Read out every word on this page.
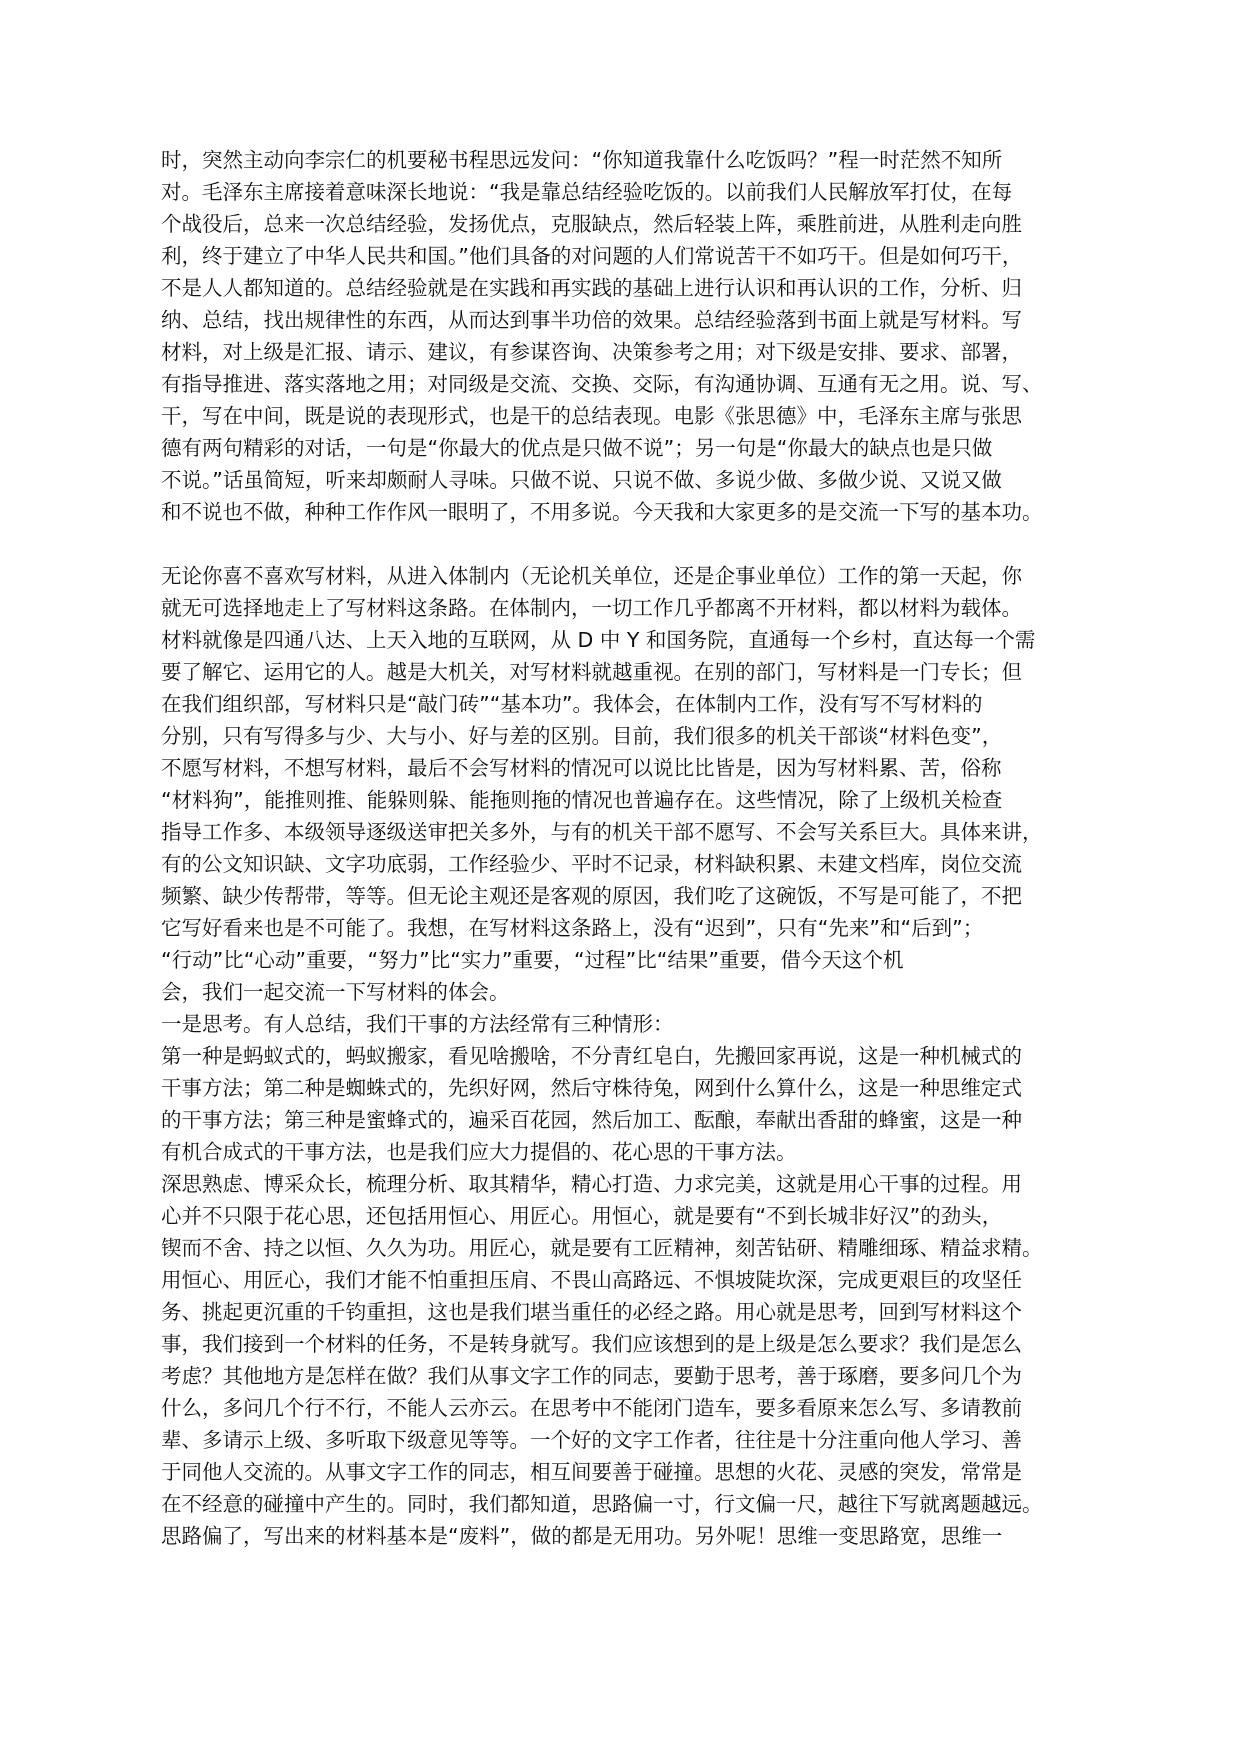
时，突然主动向李宗仁的机要秘书程思远发问：“你知道我靠什么吃饭吗？”程一时茫然不知所
对。毛泽东主席接着意味深长地说：“我是靠总结经验吃饭的。以前我们人民解放军打仗，在每
个战役后，总来一次总结经验，发扬优点，克服缺点，然后轻装上阵，乘胜前进，从胜利走向胜
利，终于建立了中华人民共和国。”他们具备的对问题的人们常说苦干不如巧干。但是如何巧干，
不是人人都知道的。总结经验就是在实践和再实践的基础上进行认识和再认识的工作，分析、归
纳、总结，找出规律性的东西，从而达到事半功倍的效果。总结经验落到书面上就是写材料。写
材料，对上级是汇报、请示、建议，有参谋咨询、决策参考之用；对下级是安排、要求、部署，
有指导推进、落实落地之用；对同级是交流、交换、交际，有沟通协调、互通有无之用。说、写、
干，写在中间，既是说的表现形式，也是干的总结表现。电影《张思德》中，毛泽东主席与张思
德有两句精彩的对话，一句是“你最大的优点是只做不说”；另一句是“你最大的缺点也是只做
不说。”话虽简短，听来却颇耐人寻味。只做不说、只说不做、多说少做、多做少说、又说又做
和不说也不做，种种工作作风一眼明了，不用多说。今天我和大家更多的是交流一下写的基本功。
无论你喜不喜欢写材料，从进入体制内（无论机关单位，还是企事业单位）工作的第一天起，你
就无可选择地走上了写材料这条路。在体制内，一切工作几乎都离不开材料，都以材料为载体。
材料就像是四通八达、上天入地的互联网，从 D 中 Y 和国务院，直通每一个乡村，直达每一个需
要了解它、运用它的人。越是大机关，对写材料就越重视。在别的部门，写材料是一门专长；但
在我们组织部，写材料只是“敲门砖”“基本功”。我体会，在体制内工作，没有写不写材料的
分别，只有写得多与少、大与小、好与差的区别。目前，我们很多的机关干部谈“材料色变”，
不愿写材料，不想写材料，最后不会写材料的情况可以说比比皆是，因为写材料累、苦，俗称
“材料狗”，能推则推、能躲则躲、能拖则拖的情况也普遍存在。这些情况，除了上级机关检查
指导工作多、本级领导逐级送审把关多外，与有的机关干部不愿写、不会写关系巨大。具体来讲，
有的公文知识缺、文字功底弱，工作经验少、平时不记录，材料缺积累、未建文档库，岗位交流
频繁、缺少传帮带，等等。但无论主观还是客观的原因，我们吃了这碗饭，不写是可能了，不把
它写好看来也是不可能了。我想，在写材料这条路上，没有“迟到”，只有“先来”和“后到”；
“行动”比“心动”重要，“努力”比“实力”重要，“过程”比“结果”重要，借今天这个机
会，我们一起交流一下写材料的体会。
一是思考。有人总结，我们干事的方法经常有三种情形：
第一种是蚂蚁式的，蚂蚁搬家，看见啥搬啥，不分青红皂白，先搬回家再说，这是一种机械式的
干事方法；第二种是蜘蛛式的，先织好网，然后守株待兔，网到什么算什么，这是一种思维定式
的干事方法；第三种是蜜蜂式的，遍采百花园，然后加工、酝酿，奉献出香甜的蜂蜜，这是一种
有机合成式的干事方法，也是我们应大力提倡的、花心思的干事方法。
深思熟虑、博采众长，梳理分析、取其精华，精心打造、力求完美，这就是用心干事的过程。用
心并不只限于花心思，还包括用恒心、用匠心。用恒心，就是要有“不到长城非好汉”的劲头，
锲而不舍、持之以恒、久久为功。用匠心，就是要有工匠精神，刻苦钻研、精雕细琢、精益求精。
用恒心、用匠心，我们才能不怕重担压肩、不畏山高路远、不惧坡陡坎深，完成更艰巨的攻坚任
务、挑起更沉重的千钧重担，这也是我们堪当重任的必经之路。用心就是思考，回到写材料这个
事，我们接到一个材料的任务，不是转身就写。我们应该想到的是上级是怎么要求？我们是怎么
考虑？其他地方是怎样在做？我们从事文字工作的同志，要勤于思考，善于琢磨，要多问几个为
什么，多问几个行不行，不能人云亦云。在思考中不能闭门造车，要多看原来怎么写、多请教前
辈、多请示上级、多听取下级意见等等。一个好的文字工作者，往往是十分注重向他人学习、善
于同他人交流的。从事文字工作的同志，相互间要善于碰撞。思想的火花、灵感的突发，常常是
在不经意的碰撞中产生的。同时，我们都知道，思路偏一寸，行文偏一尺，越往下写就离题越远。
思路偏了，写出来的材料基本是“废料”，做的都是无用功。另外呢！思维一变思路宽，思维一
